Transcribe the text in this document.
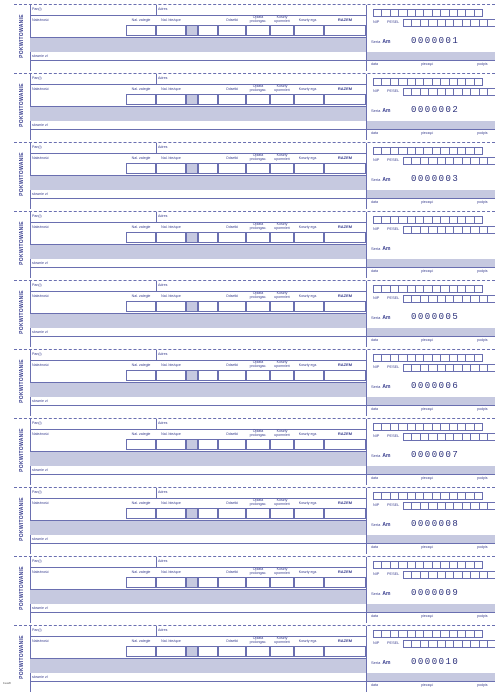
POKWITOWANIE
Pan(i)	Adres
Należność	Nal. zaległe	Nal. bieżące	Odsetki
Opłata prolongac.
Koszty upomnień	Koszty egz.	RAZEM
słownie zł
NIP PESEL
Seria Am 0000001
data	pieczęć	podpis
POKWITOWANIE
Pan(i)	Adres
Należność	Nal. zaległe	Nal. bieżące	Odsetki
Opłata prolongac.
Koszty upomnień	Koszty egz.	RAZEM
słownie zł
NIP PESEL
Seria Am 0000002
data	pieczęć	podpis
POKWITOWANIE
Pan(i)	Adres
Należność	Nal. zaległe	Nal. bieżące	Odsetki
Opłata prolongac.
Koszty upomnień	Koszty egz.	RAZEM
słownie zł
NIP PESEL
Seria Am 0000003
data	pieczęć	podpis
POKWITOWANIE
Pan(i)	Adres
Należność	Nal. zaległe	Nal. bieżące	Odsetki
Opłata prolongac.
Koszty upomnień	Koszty egz.	RAZEM
słownie zł
NIP PESEL
Seria Am
data	pieczęć	podpis
POKWITOWANIE
Pan(i)	Adres
Należność	Nal. zaległe	Nal. bieżące	Odsetki
Opłata prolongac.
Koszty upomnień	Koszty egz.	RAZEM
słownie zł
NIP PESEL
Seria Am 0000005
data	pieczęć	podpis
POKWITOWANIE
Pan(i)	Adres
Należność	Nal. zaległe	Nal. bieżące	Odsetki
Opłata prolongac.
Koszty upomnień	Koszty egz.	RAZEM
słownie zł
NIP PESEL
Seria Am 0000006
data	pieczęć	podpis
POKWITOWANIE
Pan(i)	Adres
Należność	Nal. zaległe	Nal. bieżące	Odsetki
Opłata prolongac.
Koszty upomnień	Koszty egz.	RAZEM
słownie zł
NIP PESEL
Seria Am 0000007
data	pieczęć	podpis
POKWITOWANIE
Pan(i)	Adres
Należność	Nal. zaległe	Nal. bieżące	Odsetki
Opłata prolongac.
Koszty upomnień	Koszty egz.	RAZEM
słownie zł
NIP PESEL
Seria Am 0000008
data	pieczęć	podpis
POKWITOWANIE
Pan(i)	Adres
Należność	Nal. zaległe	Nal. bieżące	Odsetki
Opłata prolongac.
Koszty upomnień	Koszty egz.	RAZEM
słownie zł
NIP PESEL
Seria Am 0000009
data	pieczęć	podpis
POKWITOWANIE
Pan(i)	Adres
Należność	Nal. zaległe	Nal. bieżące	Odsetki
Opłata prolongac.
Koszty upomnień	Koszty egz.	RAZEM
słownie zł
NIP PESEL
Seria Am 0000010
data	pieczęć	podpis
1ww8
